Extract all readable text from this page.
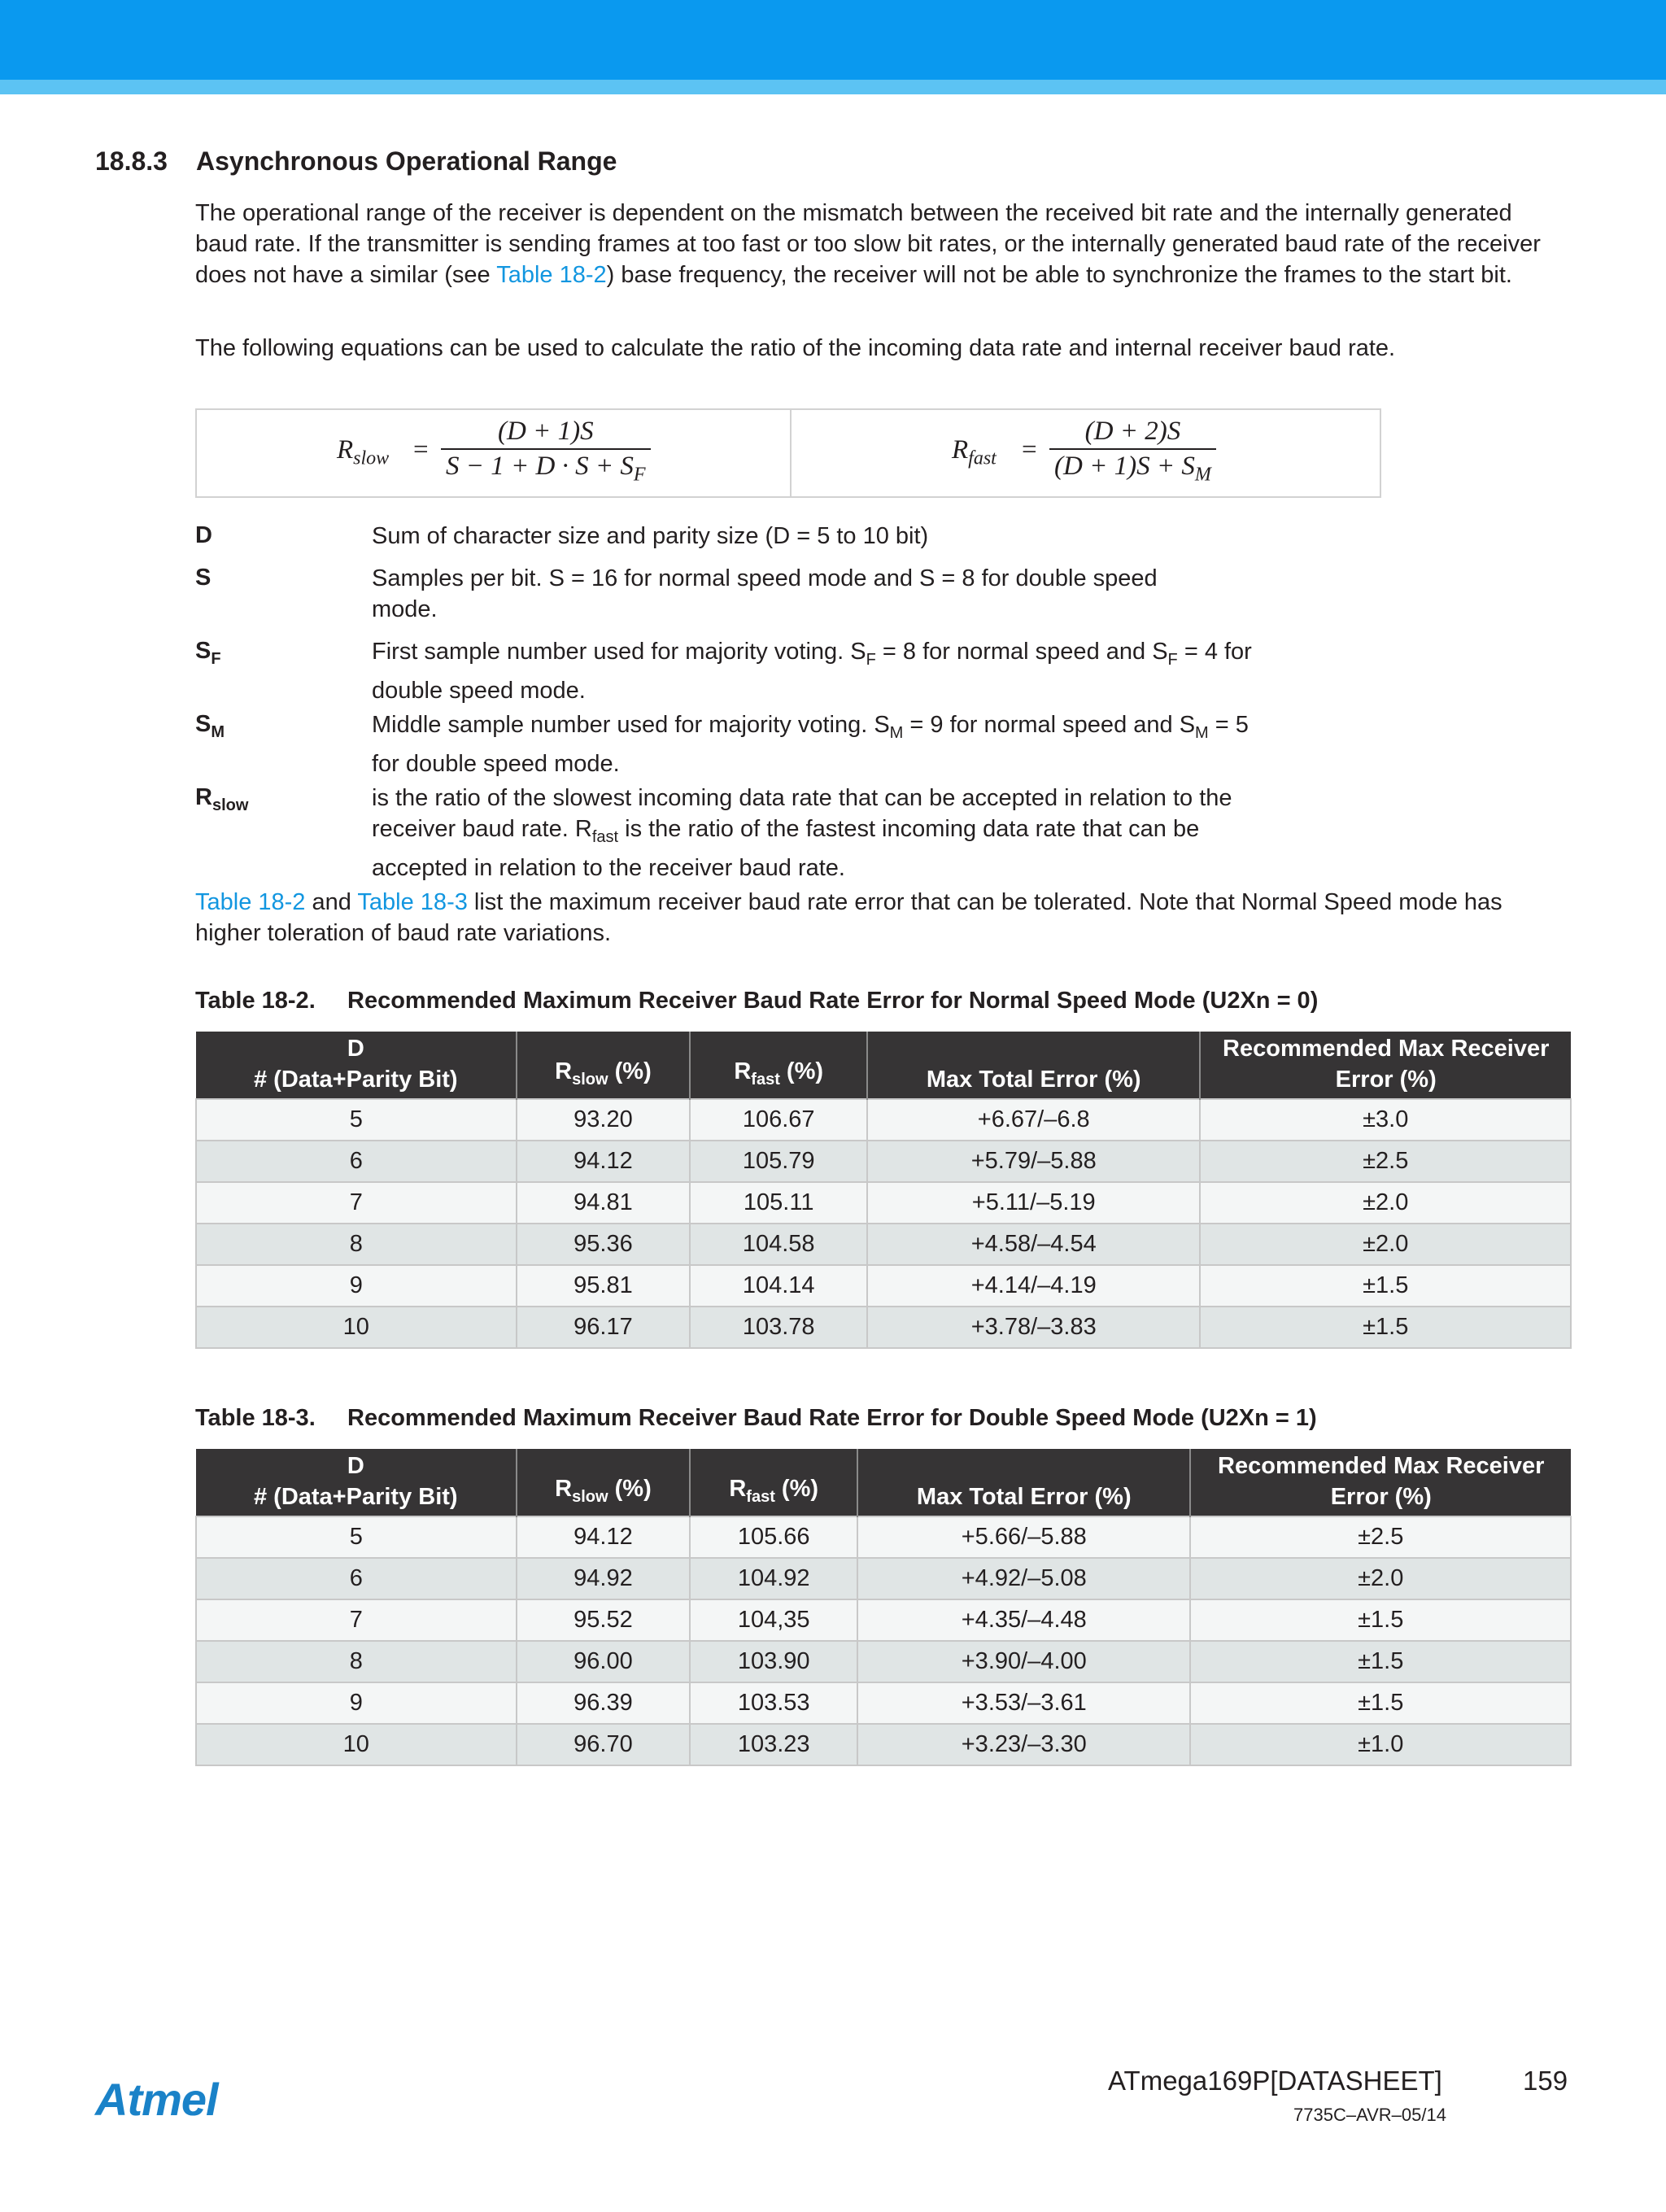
18.8.3 Asynchronous Operational Range

The operational range of the receiver is dependent on the mismatch between the received bit rate and the internally generated baud rate. If the transmitter is sending frames at too fast or too slow bit rates, or the internally generated baud rate of the receiver does not have a similar (see Table 18-2) base frequency, the receiver will not be able to synchronize the frames to the start bit.

The following equations can be used to calculate the ratio of the incoming data rate and internal receiver baud rate.

$R_{slow} = \frac{(D + 1)S}{S - 1 + D \cdot S + S_F}$	$R_{fast} = \frac{(D + 2)S}{(D + 1)S + S_M}$
D	Sum of character size and parity size (D = 5 to 10 bit)
S	Samples per bit. S = 16 for normal speed mode and S = 8 for double speed mode.
$S_F$	First sample number used for majority voting. $S_F = 8$ for normal speed and $S_F = 4$ for double speed mode.
$S_M$	Middle sample number used for majority voting. $S_M = 9$ for normal speed and $S_M = 5$ for double speed mode.
$R_{slow}$	is the ratio of the slowest incoming data rate that can be accepted in relation to the receiver baud rate. $R_{fast}$ is the ratio of the fastest incoming data rate that can be accepted in relation to the receiver baud rate.

Table 18-2 and Table 18-3 list the maximum receiver baud rate error that can be tolerated. Note that Normal Speed mode has higher toleration of baud rate variations.

Table 18-2. Recommended Maximum Receiver Baud Rate Error for Normal Speed Mode (U2Xn = 0)
D
# (Data+Parity Bit)	$R_{slow}$ (%)	$R_{fast}$ (%)	Max Total Error (%)	Recommended Max Receiver
Error (%)
5	93.20	106.67	+6.67/–6.8	±3.0
6	94.12	105.79	+5.79/–5.88	±2.5
7	94.81	105.11	+5.11/–5.19	±2.0
8	95.36	104.58	+4.58/–4.54	±2.0
9	95.81	104.14	+4.14/–4.19	±1.5
10	96.17	103.78	+3.78/–3.83	±1.5
Table 18-3. Recommended Maximum Receiver Baud Rate Error for Double Speed Mode (U2Xn = 1)
D
# (Data+Parity Bit)	$R_{slow}$ (%)	$R_{fast}$ (%)	Max Total Error (%)	Recommended Max Receiver
Error (%)
5	94.12	105.66	+5.66/–5.88	±2.5
6	94.92	104.92	+4.92/–5.08	±2.0
7	95.52	104,35	+4.35/–4.48	±1.5
8	96.00	103.90	+3.90/–4.00	±1.5
9	96.39	103.53	+3.53/–3.61	±1.5
10	96.70	103.23	+3.23/–3.30	±1.0
Atmel	ATmega169P[DATASHEET]	159
7735C–AVR–05/14
